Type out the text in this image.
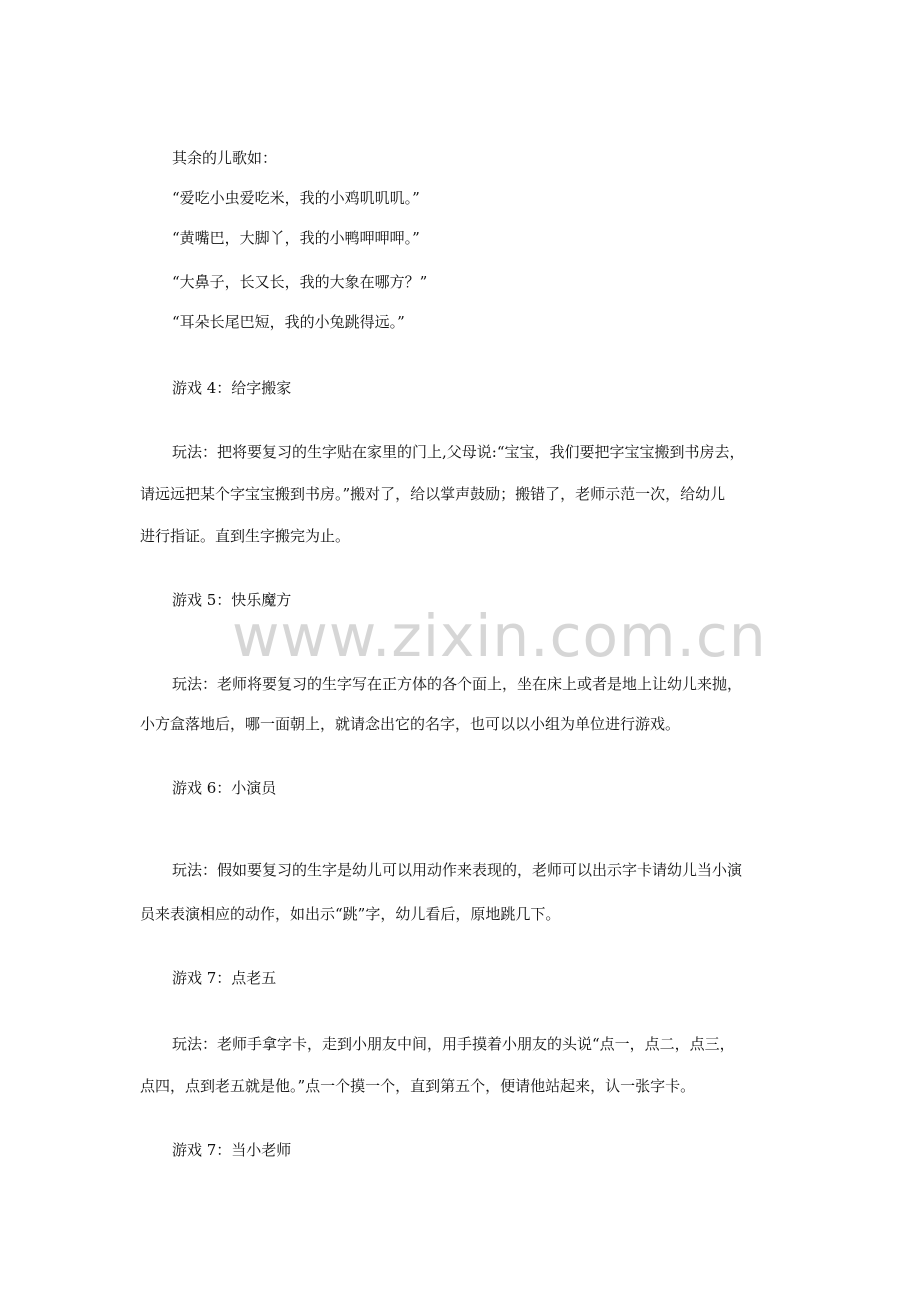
www.zixin.com.cn

其余的儿歌如：

“爱吃小虫爱吃米，我的小鸡叽叽叽。”

“黄嘴巴，大脚丫，我的小鸭呷呷呷。”

“大鼻子，长又长，我的大象在哪方？”

“耳朵长尾巴短，我的小兔跳得远。”

游戏 4：给字搬家

玩法：把将要复习的生字贴在家里的门上,父母说:“宝宝，我们要把字宝宝搬到书房去，

请远远把某个字宝宝搬到书房。”搬对了，给以掌声鼓励；搬错了，老师示范一次，给幼儿

进行指证。直到生字搬完为止。

游戏 5：快乐魔方

玩法：老师将要复习的生字写在正方体的各个面上，坐在床上或者是地上让幼儿来抛，

小方盒落地后，哪一面朝上，就请念出它的名字，也可以以小组为单位进行游戏。

游戏 6：小演员

玩法：假如要复习的生字是幼儿可以用动作来表现的，老师可以出示字卡请幼儿当小演

员来表演相应的动作，如出示“跳”字，幼儿看后，原地跳几下。

游戏 7：点老五

玩法：老师手拿字卡，走到小朋友中间，用手摸着小朋友的头说“点一，点二，点三，

点四，点到老五就是他。”点一个摸一个，直到第五个，便请他站起来，认一张字卡。

游戏 7：当小老师
